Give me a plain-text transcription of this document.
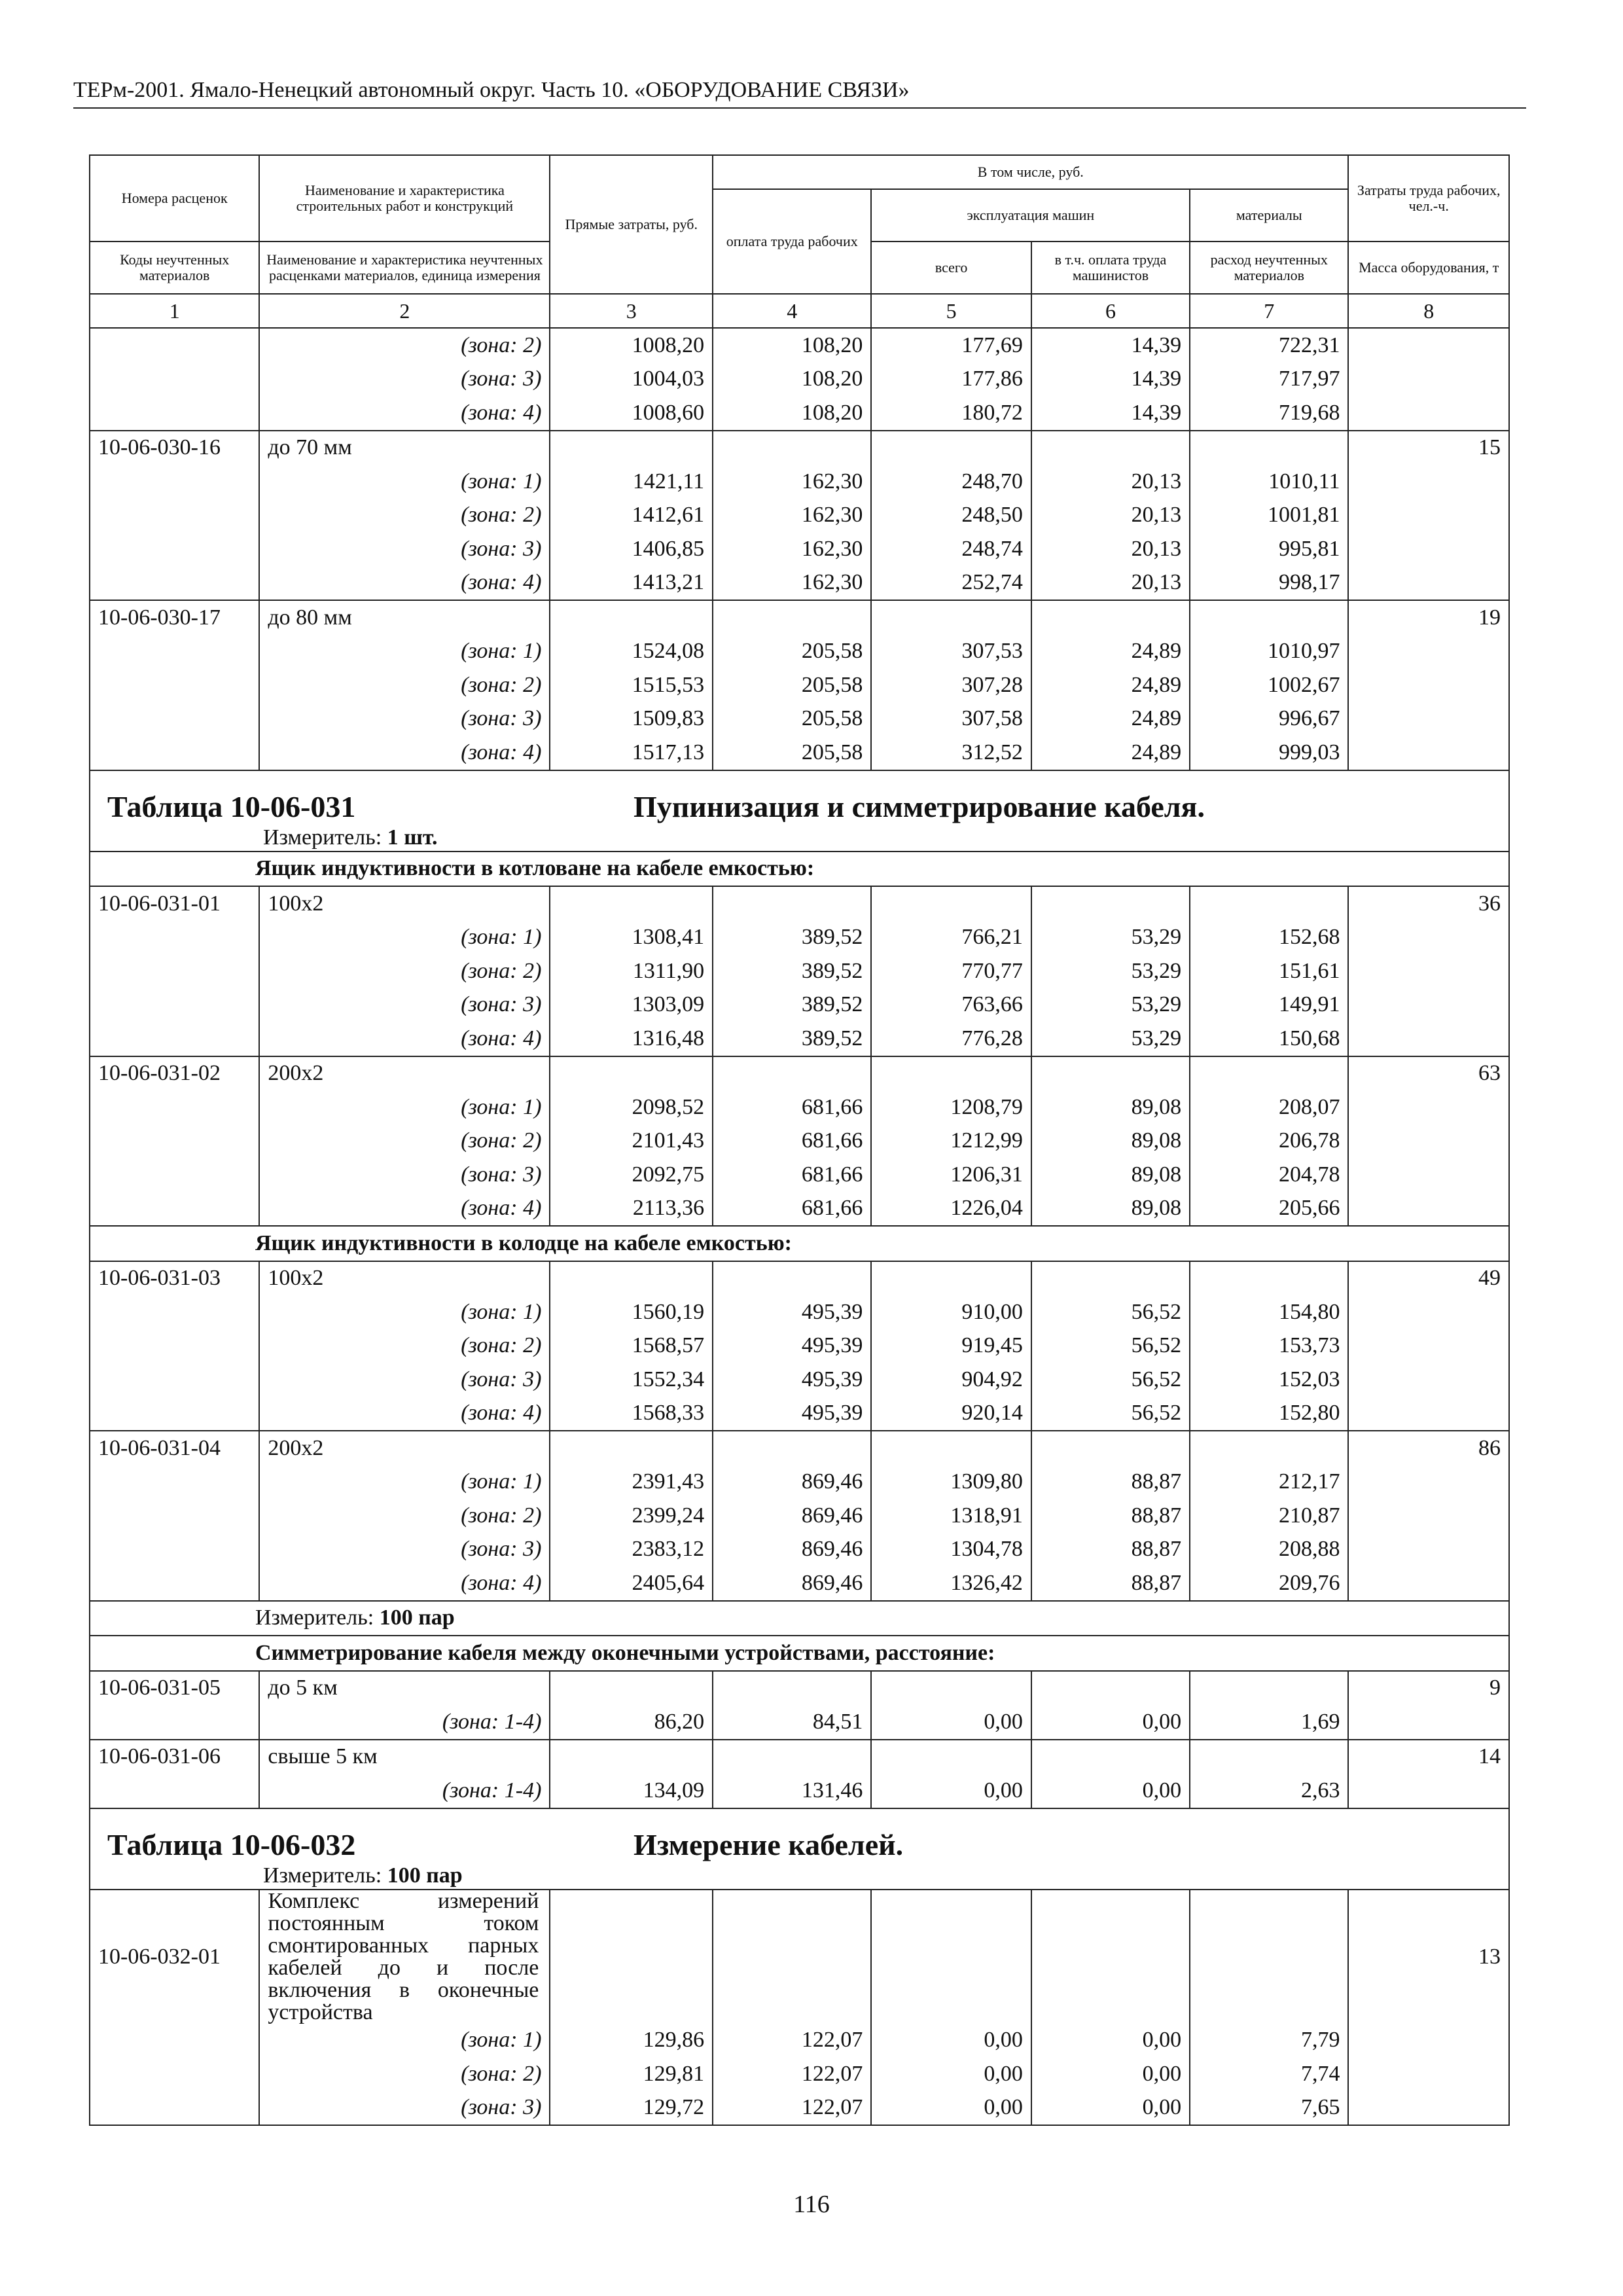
ТЕРм-2001. Ямало-Ненецкий автономный округ. Часть 10. «ОБОРУДОВАНИЕ СВЯЗИ»
Номера расценок	Наименование и характеристика строительных работ и конструкций	Прямые затраты, руб.	В том числе, руб.				Затраты труда рабочих, чел.-ч.
			оплата труда рабочих	эксплуатация машин		материалы	

Коды неучтенных материалов	Наименование и характеристика неучтенных расценками материалов, единица измерения			всего	в т.ч. оплата труда машинистов	расход неучтенных материалов	Масса оборудования, т

1	2	3	4	5	6	7	8
	(зона: 2)	1008,20	108,20	177,69	14,39	722,31	
	(зона: 3)	1004,03	108,20	177,86	14,39	717,97	
	(зона: 4)	1008,60	108,20	180,72	14,39	719,68	
10-06-030-16	до 70 мм						15
	(зона: 1)	1421,11	162,30	248,70	20,13	1010,11	
	(зона: 2)	1412,61	162,30	248,50	20,13	1001,81	
	(зона: 3)	1406,85	162,30	248,74	20,13	995,81	
	(зона: 4)	1413,21	162,30	252,74	20,13	998,17	
10-06-030-17	до 80 мм						19
	(зона: 1)	1524,08	205,58	307,53	24,89	1010,97	
	(зона: 2)	1515,53	205,58	307,28	24,89	1002,67	
	(зона: 3)	1509,83	205,58	307,58	24,89	996,67	
	(зона: 4)	1517,13	205,58	312,52	24,89	999,03	

Таблица 10-06-031 Пупинизация и симметрирование кабеля.
Измеритель: 1 шт.							

Ящик индуктивности в котловане на кабеле емкостью:							
10-06-031-01	100х2						36
	(зона: 1)	1308,41	389,52	766,21	53,29	152,68	
	(зона: 2)	1311,90	389,52	770,77	53,29	151,61	
	(зона: 3)	1303,09	389,52	763,66	53,29	149,91	
	(зона: 4)	1316,48	389,52	776,28	53,29	150,68	
10-06-031-02	200х2						63
	(зона: 1)	2098,52	681,66	1208,79	89,08	208,07	
	(зона: 2)	2101,43	681,66	1212,99	89,08	206,78	
	(зона: 3)	2092,75	681,66	1206,31	89,08	204,78	
	(зона: 4)	2113,36	681,66	1226,04	89,08	205,66	
Ящик индуктивности в колодце на кабеле емкостью:							
10-06-031-03	100х2						49
	(зона: 1)	1560,19	495,39	910,00	56,52	154,80	
	(зона: 2)	1568,57	495,39	919,45	56,52	153,73	
	(зона: 3)	1552,34	495,39	904,92	56,52	152,03	
	(зона: 4)	1568,33	495,39	920,14	56,52	152,80	
10-06-031-04	200х2						86
	(зона: 1)	2391,43	869,46	1309,80	88,87	212,17	
	(зона: 2)	2399,24	869,46	1318,91	88,87	210,87	
	(зона: 3)	2383,12	869,46	1304,78	88,87	208,88	
	(зона: 4)	2405,64	869,46	1326,42	88,87	209,76	
Измеритель: 100 пар							
Симметрирование кабеля между оконечными устройствами, расстояние:							
10-06-031-05	до 5 км						9
	(зона: 1-4)	86,20	84,51	0,00	0,00	1,69	
10-06-031-06	свыше 5 км						14
	(зона: 1-4)	134,09	131,46	0,00	0,00	2,63	

Таблица 10-06-032 Измерение кабелей.
Измеритель: 100 пар							

10-06-032-01	Комплекс измерений постоянным током смонтированных парных кабелей до и после включения в оконечные устройства						13
	(зона: 1)	129,86	122,07	0,00	0,00	7,79	
	(зона: 2)	129,81	122,07	0,00	0,00	7,74	
	(зона: 3)	129,72	122,07	0,00	0,00	7,65	
116
